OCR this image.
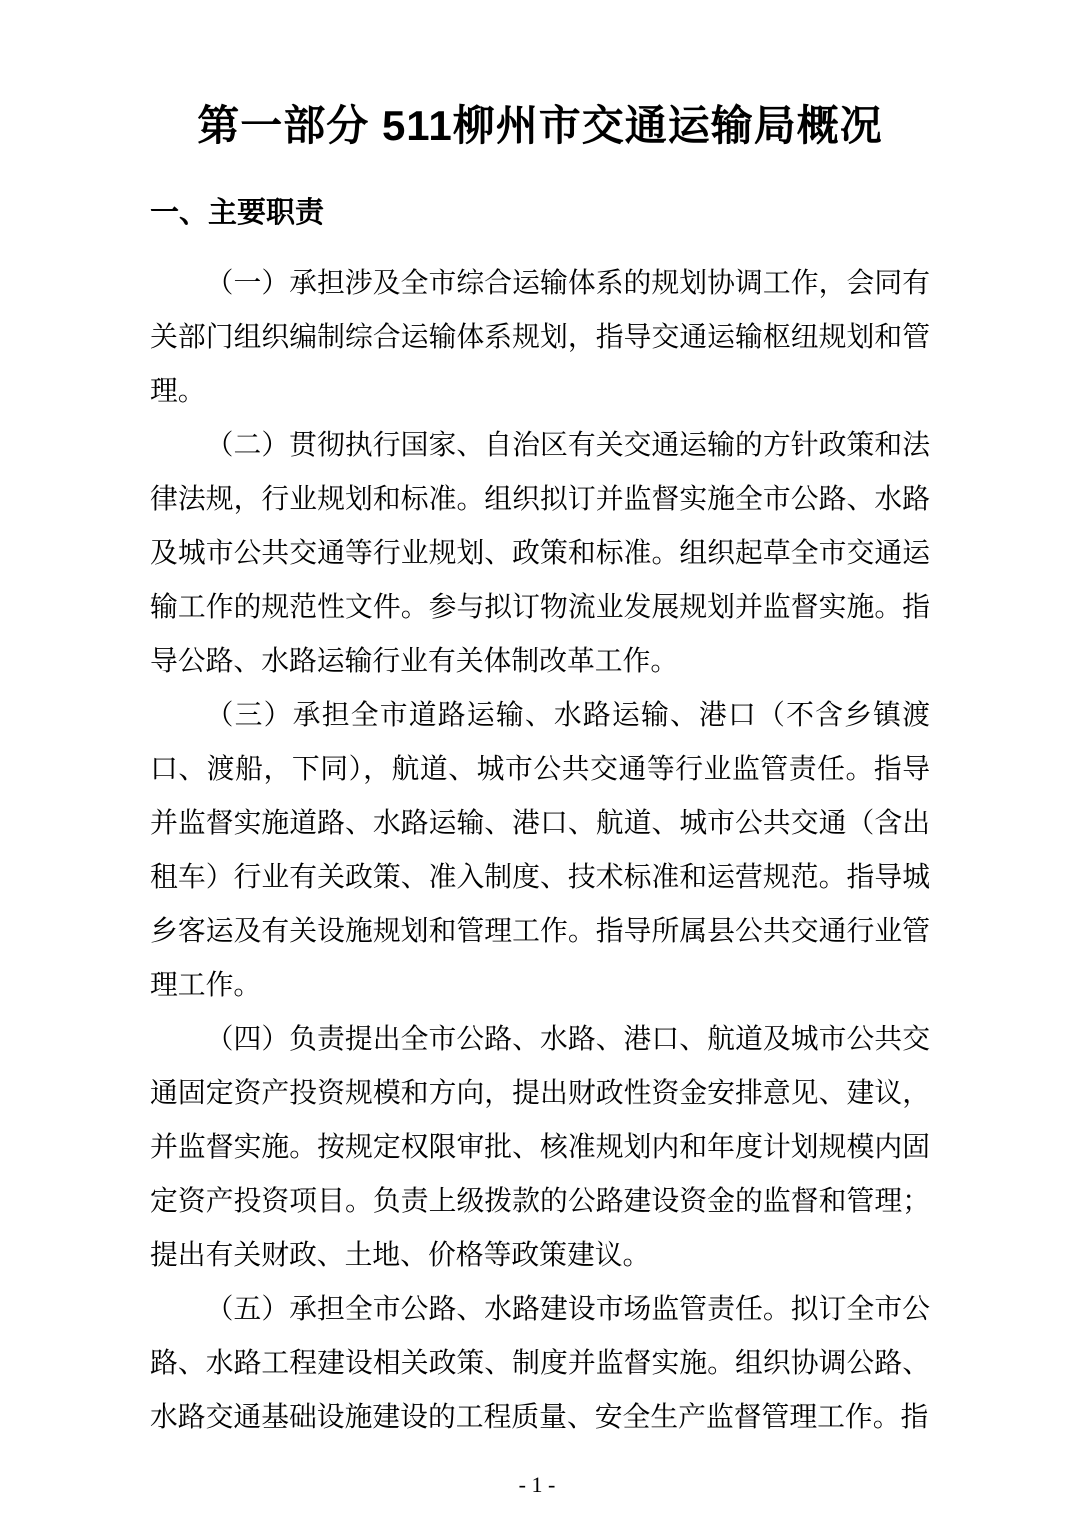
第一部分 511柳州市交通运输局概况
一、主要职责

（一）承担涉及全市综合运输体系的规划协调工作，会同有关部门组织编制综合运输体系规划，指导交通运输枢纽规划和管理。

（二）贯彻执行国家、自治区有关交通运输的方针政策和法律法规，行业规划和标准。组织拟订并监督实施全市公路、水路及城市公共交通等行业规划、政策和标准。组织起草全市交通运输工作的规范性文件。参与拟订物流业发展规划并监督实施。指导公路、水路运输行业有关体制改革工作。

（三）承担全市道路运输、水路运输、港口（不含乡镇渡口、渡船，下同），航道、城市公共交通等行业监管责任。指导并监督实施道路、水路运输、港口、航道、城市公共交通（含出租车）行业有关政策、准入制度、技术标准和运营规范。指导城乡客运及有关设施规划和管理工作。指导所属县公共交通行业管理工作。

（四）负责提出全市公路、水路、港口、航道及城市公共交通固定资产投资规模和方向，提出财政性资金安排意见、建议，并监督实施。按规定权限审批、核准规划内和年度计划规模内固定资产投资项目。负责上级拨款的公路建设资金的监督和管理；提出有关财政、土地、价格等政策建议。

（五）承担全市公路、水路建设市场监管责任。拟订全市公路、水路工程建设相关政策、制度并监督实施。组织协调公路、水路交通基础设施建设的工程质量、安全生产监督管理工作。指

- 1 -
